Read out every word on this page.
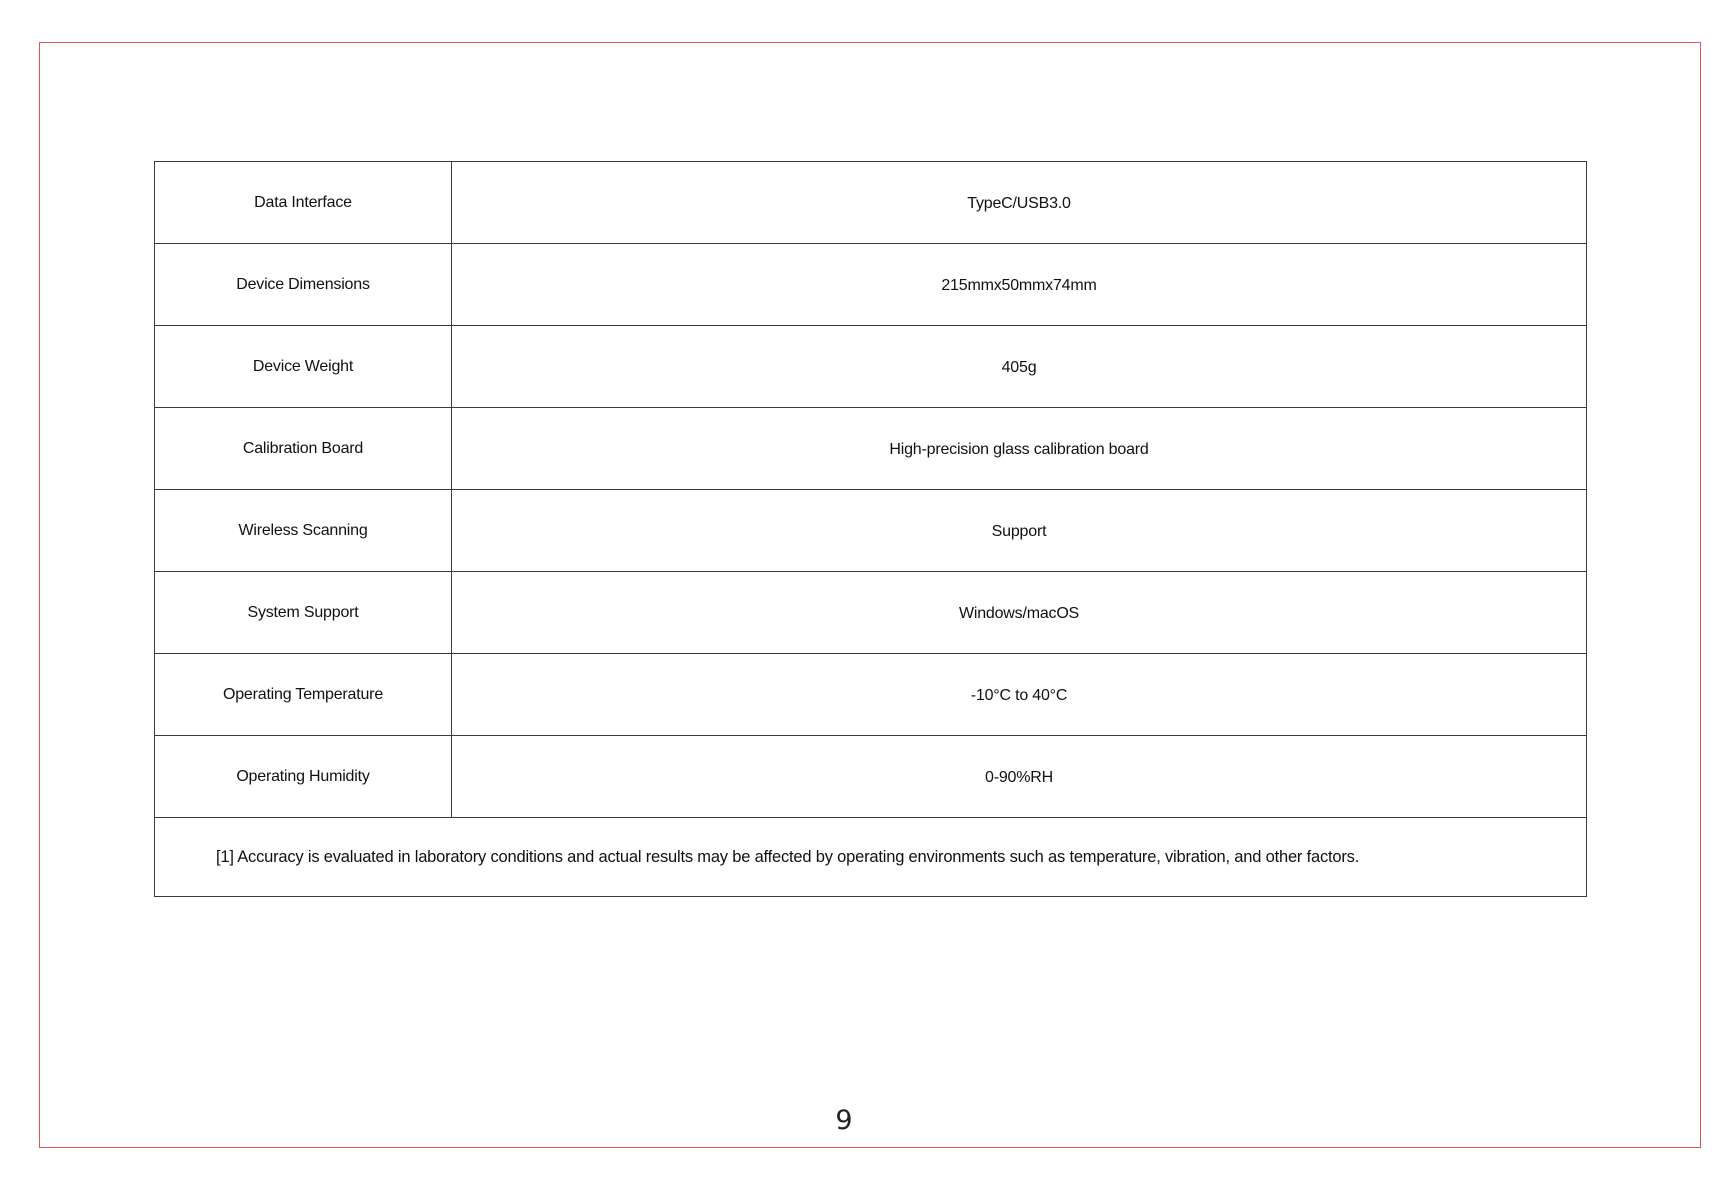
Data Interface	TypeC/USB3.0
Device Dimensions	215mmx50mmx74mm
Device Weight	405g
Calibration Board	High-precision glass calibration board
Wireless Scanning	Support
System Support	Windows/macOS
Operating Temperature	-10°C to 40°C
Operating Humidity	0-90%RH
[1] Accuracy is evaluated in laboratory conditions and actual results may be affected by operating environments such as temperature, vibration, and other factors.	
9
